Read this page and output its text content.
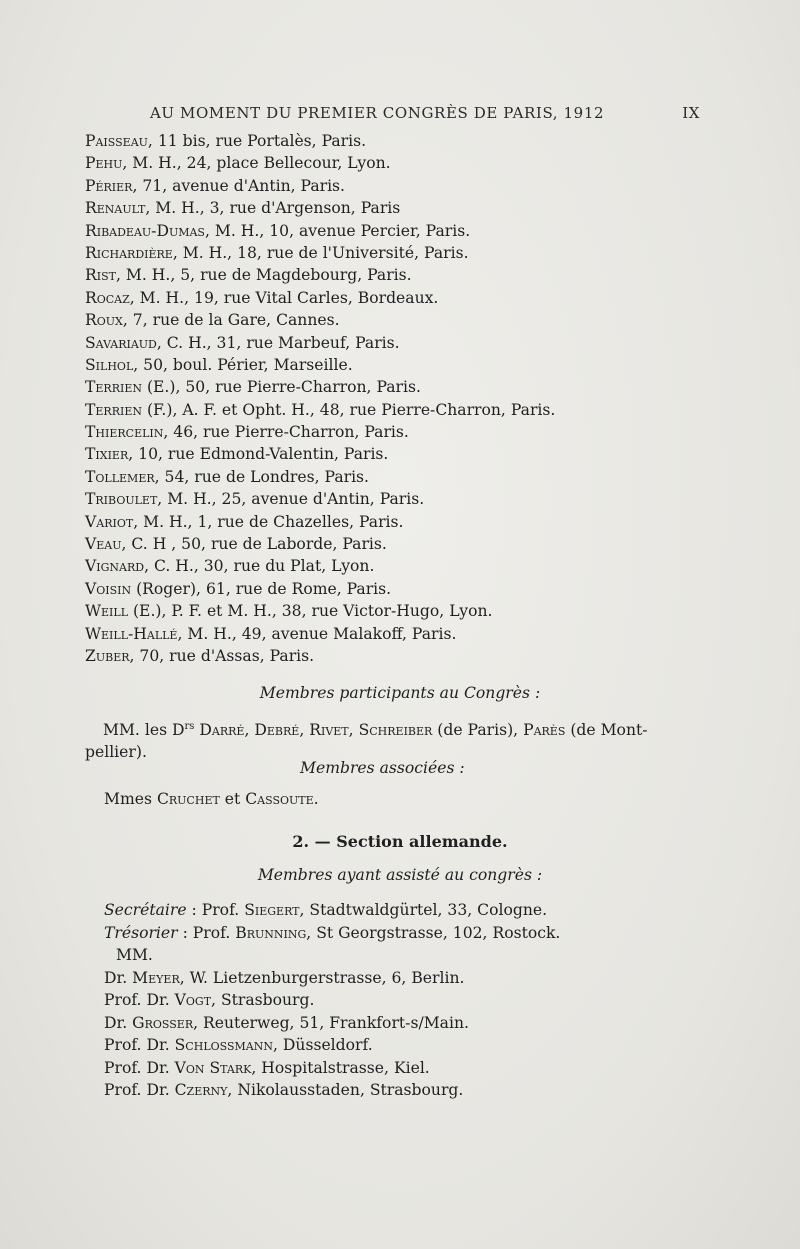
AU MOMENT DU PREMIER CONGRÈS DE PARIS, 1912	IX
Paisseau, 11 bis, rue Portalès, Paris.
Pehu, M. H., 24, place Bellecour, Lyon.
Périer, 71, avenue d'Antin, Paris.
Renault, M. H., 3, rue d'Argenson, Paris
Ribadeau-Dumas, M. H., 10, avenue Percier, Paris.
Richardière, M. H., 18, rue de l'Université, Paris.
Rist, M. H., 5, rue de Magdebourg, Paris.
Rocaz, M. H., 19, rue Vital Carles, Bordeaux.
Roux, 7, rue de la Gare, Cannes.
Savariaud, C. H., 31, rue Marbeuf, Paris.
Silhol, 50, boul. Périer, Marseille.
Terrien (E.), 50, rue Pierre-Charron, Paris.
Terrien (F.), A. F. et Opht. H., 48, rue Pierre-Charron, Paris.
Thiercelin, 46, rue Pierre-Charron, Paris.
Tixier, 10, rue Edmond-Valentin, Paris.
Tollemer, 54, rue de Londres, Paris.
Triboulet, M. H., 25, avenue d'Antin, Paris.
Variot, M. H., 1, rue de Chazelles, Paris.
Veau, C. H , 50, rue de Laborde, Paris.
Vignard, C. H., 30, rue du Plat, Lyon.
Voisin (Roger), 61, rue de Rome, Paris.
Weill (E.), P. F. et M. H., 38, rue Victor-Hugo, Lyon.
Weill-Hallé, M. H., 49, avenue Malakoff, Paris.
Zuber, 70, rue d'Assas, Paris.
Membres participants au Congrès :
MM. les $D^{rs}$ Darré, Debré, Rivet, Schreiber (de Paris), Parès (de Mont-
pellier).
Membres associées :
Mmes Cruchet et Cassoute.
2. — Section allemande.
Membres ayant assisté au congrès :
Secrétaire : Prof. Siegert, Stadtwaldgürtel, 33, Cologne.
Trésorier : Prof. Brunning, St Georgstrasse, 102, Rostock.
MM.
Dr. Meyer, W. Lietzenburgerstrasse, 6, Berlin.
Prof. Dr. Vogt, Strasbourg.
Dr. Grosser, Reuterweg, 51, Frankfort-s/Main.
Prof. Dr. Schlossmann, Düsseldorf.
Prof. Dr. Von Stark, Hospitalstrasse, Kiel.
Prof. Dr. Czerny, Nikolausstaden, Strasbourg.
